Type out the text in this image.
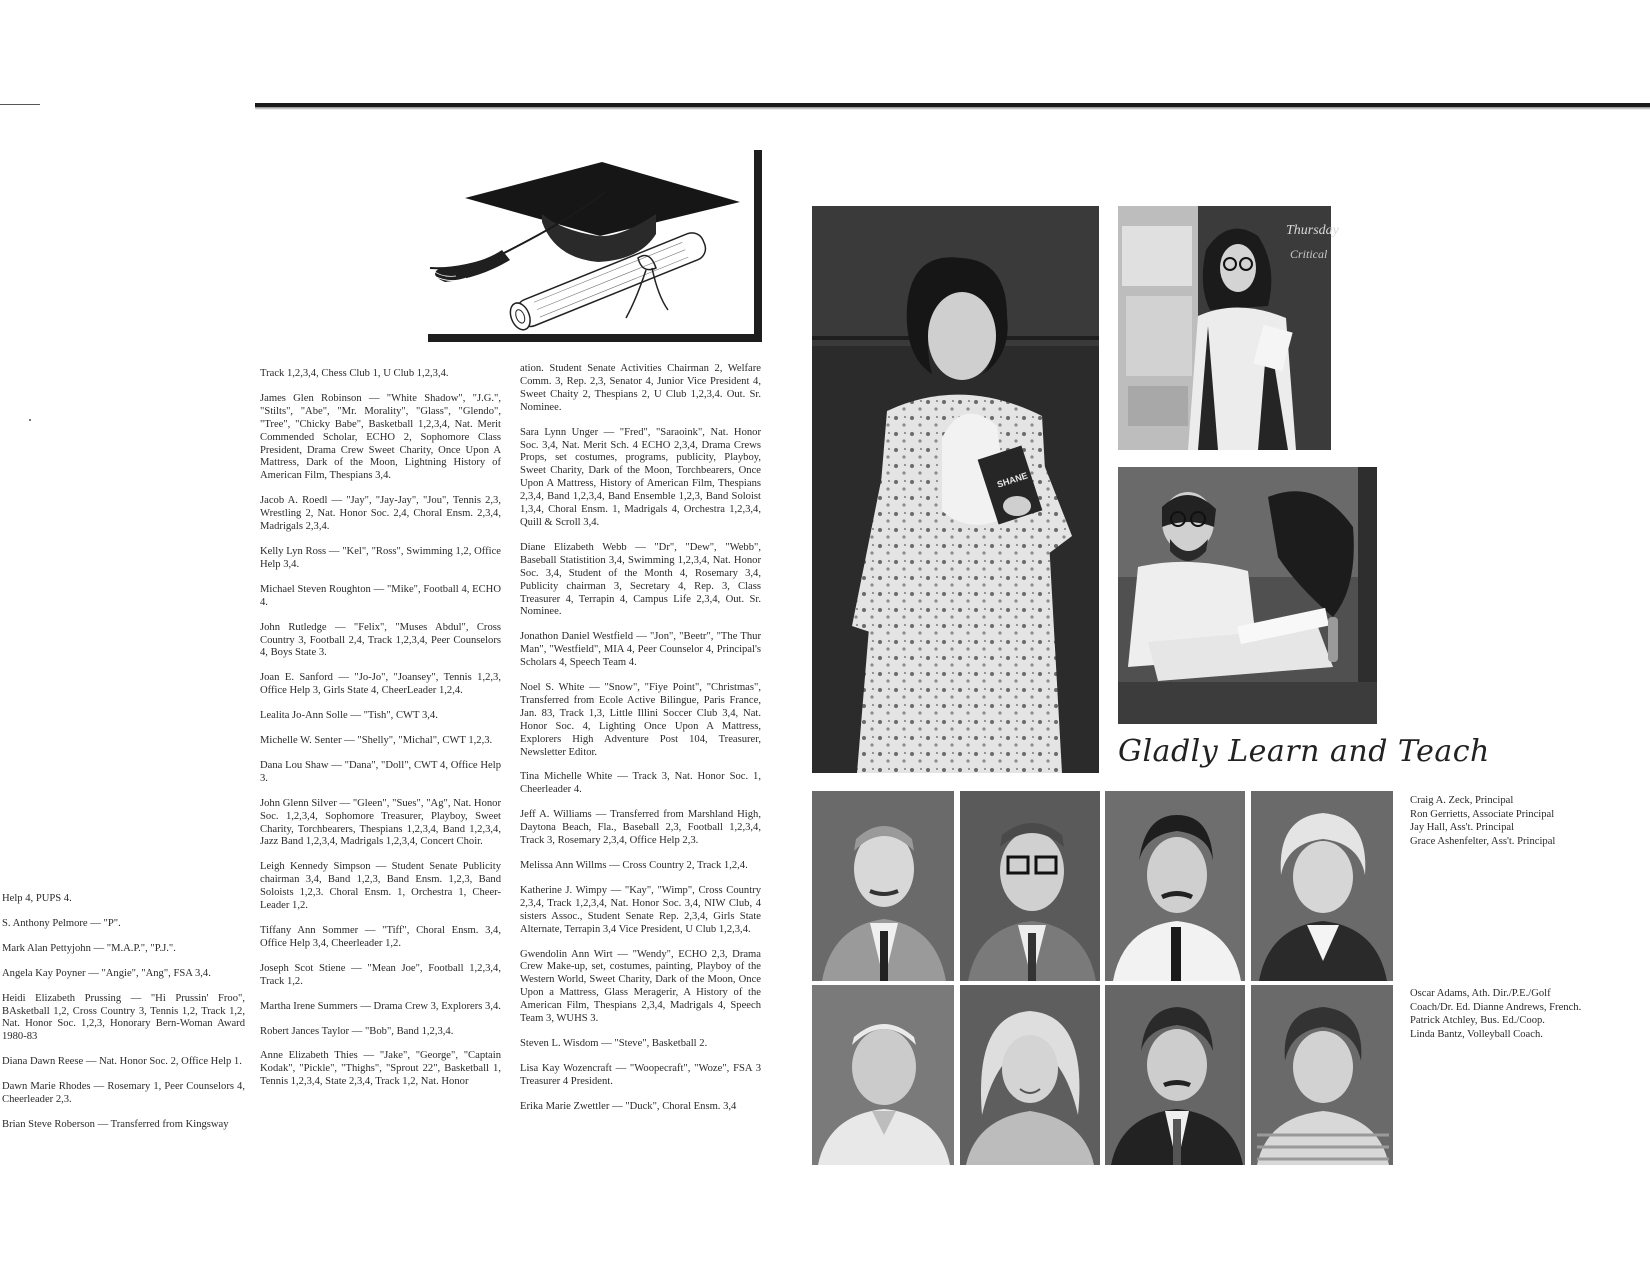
Help 4, PUPS 4.

S. Anthony Pelmore — "P".

Mark Alan Pettyjohn — "M.A.P.", "P.J.".

Angela Kay Poyner — "Angie", "Ang", FSA 3,4.

Heidi Elizabeth Prussing — "Hi Prussin' Froo", BAsketball 1,2, Cross Country 3, Tennis 1,2, Track 1,2, Nat. Honor Soc. 1,2,3, Honorary Bern-Woman Award 1980-83

Diana Dawn Reese — Nat. Honor Soc. 2, Office Help 1.

Dawn Marie Rhodes — Rosemary 1, Peer Counselors 4, Cheerleader 2,3.

Brian Steve Roberson — Transferred from Kingsway

Track 1,2,3,4, Chess Club 1, U Club 1,2,3,4.

James Glen Robinson — "White Shadow", "J.G.", "Stilts", "Abe", "Mr. Morality", "Glass", "Glendo", "Tree", "Chicky Babe", Basketball 1,2,3,4, Nat. Merit Commended Scholar, ECHO 2, Sophomore Class President, Drama Crew Sweet Charity, Once Upon A Mattress, Dark of the Moon, Lightning History of American Film, Thespians 3,4.

Jacob A. Roedl — "Jay", "Jay-Jay", "Jou", Tennis 2,3, Wrestling 2, Nat. Honor Soc. 2,4, Choral Ensm. 2,3,4, Madrigals 2,3,4.

Kelly Lyn Ross — "Kel", "Ross", Swimming 1,2, Office Help 3,4.

Michael Steven Roughton — "Mike", Football 4, ECHO 4.

John Rutledge — "Felix", "Muses Abdul", Cross Country 3, Football 2,4, Track 1,2,3,4, Peer Counselors 4, Boys State 3.

Joan E. Sanford — "Jo-Jo", "Joansey", Tennis 1,2,3, Office Help 3, Girls State 4, CheerLeader 1,2,4.

Lealita Jo-Ann Solle — "Tish", CWT 3,4.

Michelle W. Senter — "Shelly", "Michal", CWT 1,2,3.

Dana Lou Shaw — "Dana", "Doll", CWT 4, Office Help 3.

John Glenn Silver — "Gleen", "Sues", "Ag", Nat. Honor Soc. 1,2,3,4, Sophomore Treasurer, Playboy, Sweet Charity, Torchbearers, Thespians 1,2,3,4, Band 1,2,3,4, Jazz Band 1,2,3,4, Madrigals 1,2,3,4, Concert Choir.

Leigh Kennedy Simpson — Student Senate Publicity chairman 3,4, Band 1,2,3, Band Ensm. 1,2,3, Band Soloists 1,2,3. Choral Ensm. 1, Orchestra 1, Cheer-Leader 1,2.

Tiffany Ann Sommer — "Tiff", Choral Ensm. 3,4, Office Help 3,4, Cheerleader 1,2.

Joseph Scot Stiene — "Mean Joe", Football 1,2,3,4, Track 1,2.

Martha Irene Summers — Drama Crew 3, Explorers 3,4.

Robert Jances Taylor — "Bob", Band 1,2,3,4.

Anne Elizabeth Thies — "Jake", "George", "Captain Kodak", "Pickle", "Thighs", "Sprout 22", Basketball 1, Tennis 1,2,3,4, State 2,3,4, Track 1,2, Nat. Honor

ation. Student Senate Activities Chairman 2, Welfare Comm. 3, Rep. 2,3, Senator 4, Junior Vice President 4, Sweet Chaity 2, Thespians 2, U Club 1,2,3,4. Out. Sr. Nominee.

Sara Lynn Unger — "Fred", "Saraoink", Nat. Honor Soc. 3,4, Nat. Merit Sch. 4 ECHO 2,3,4, Drama Crews Props, set costumes, programs, publicity, Playboy, Sweet Charity, Dark of the Moon, Torchbearers, Once Upon A Mattress, History of American Film, Thespians 2,3,4, Band 1,2,3,4, Band Ensemble 1,2,3, Band Soloist 1,3,4, Choral Ensm. 1, Madrigals 4, Orchestra 1,2,3,4, Quill & Scroll 3,4.

Diane Elizabeth Webb — "Dr", "Dew", "Webb", Baseball Statistition 3,4, Swimming 1,2,3,4, Nat. Honor Soc. 3,4, Student of the Month 4, Rosemary 3,4, Publicity chairman 3, Secretary 4, Rep. 3, Class Treasurer 4, Terrapin 4, Campus Life 2,3,4, Out. Sr. Nominee.

Jonathon Daniel Westfield — "Jon", "Beetr", "The Thur Man", "Westfield", MIA 4, Peer Counselor 4, Principal's Scholars 4, Speech Team 4.

Noel S. White — "Snow", "Fiye Point", "Christmas", Transferred from Ecole Active Bilingue, Paris France, Jan. 83, Track 1,3, Little Illini Soccer Club 3,4, Nat. Honor Soc. 4, Lighting Once Upon A Mattress, Explorers High Adventure Post 104, Treasurer, Newsletter Editor.

Tina Michelle White — Track 3, Nat. Honor Soc. 1, Cheerleader 4.

Jeff A. Williams — Transferred from Marshland High, Daytona Beach, Fla., Baseball 2,3, Football 1,2,3,4, Track 3, Rosemary 2,3,4, Office Help 2,3.

Melissa Ann Willms — Cross Country 2, Track 1,2,4.

Katherine J. Wimpy — "Kay", "Wimp", Cross Country 2,3,4, Track 1,2,3,4, Nat. Honor Soc. 3,4, NIW Club, 4 sisters Assoc., Student Senate Rep. 2,3,4, Girls State Alternate, Terrapin 3,4 Vice President, U Club 1,2,3,4.

Gwendolin Ann Wirt — "Wendy", ECHO 2,3, Drama Crew Make-up, set, costumes, painting, Playboy of the Western World, Sweet Charity, Dark of the Moon, Once Upon a Mattress, Glass Meragerir, A History of the American Film, Thespians 2,3,4, Madrigals 4, Speech Team 3, WUHS 3.

Steven L. Wisdom — "Steve", Basketball 2.

Lisa Kay Wozencraft — "Woopecraft", "Woze", FSA 3 Treasurer 4 President.

Erika Marie Zwettler — "Duck", Choral Ensm. 3,4

SHANE
Thursday
Critical
Gladly Learn and Teach
Craig A. Zeck, Principal
Ron Gerrietts, Associate Principal
Jay Hall, Ass't. Principal
Grace Ashenfelter, Ass't. Principal
Oscar Adams, Ath. Dir./P.E./Golf
Coach/Dr. Ed. Dianne Andrews, French.
Patrick Atchley, Bus. Ed./Coop.
Linda Bantz, Volleyball Coach.
